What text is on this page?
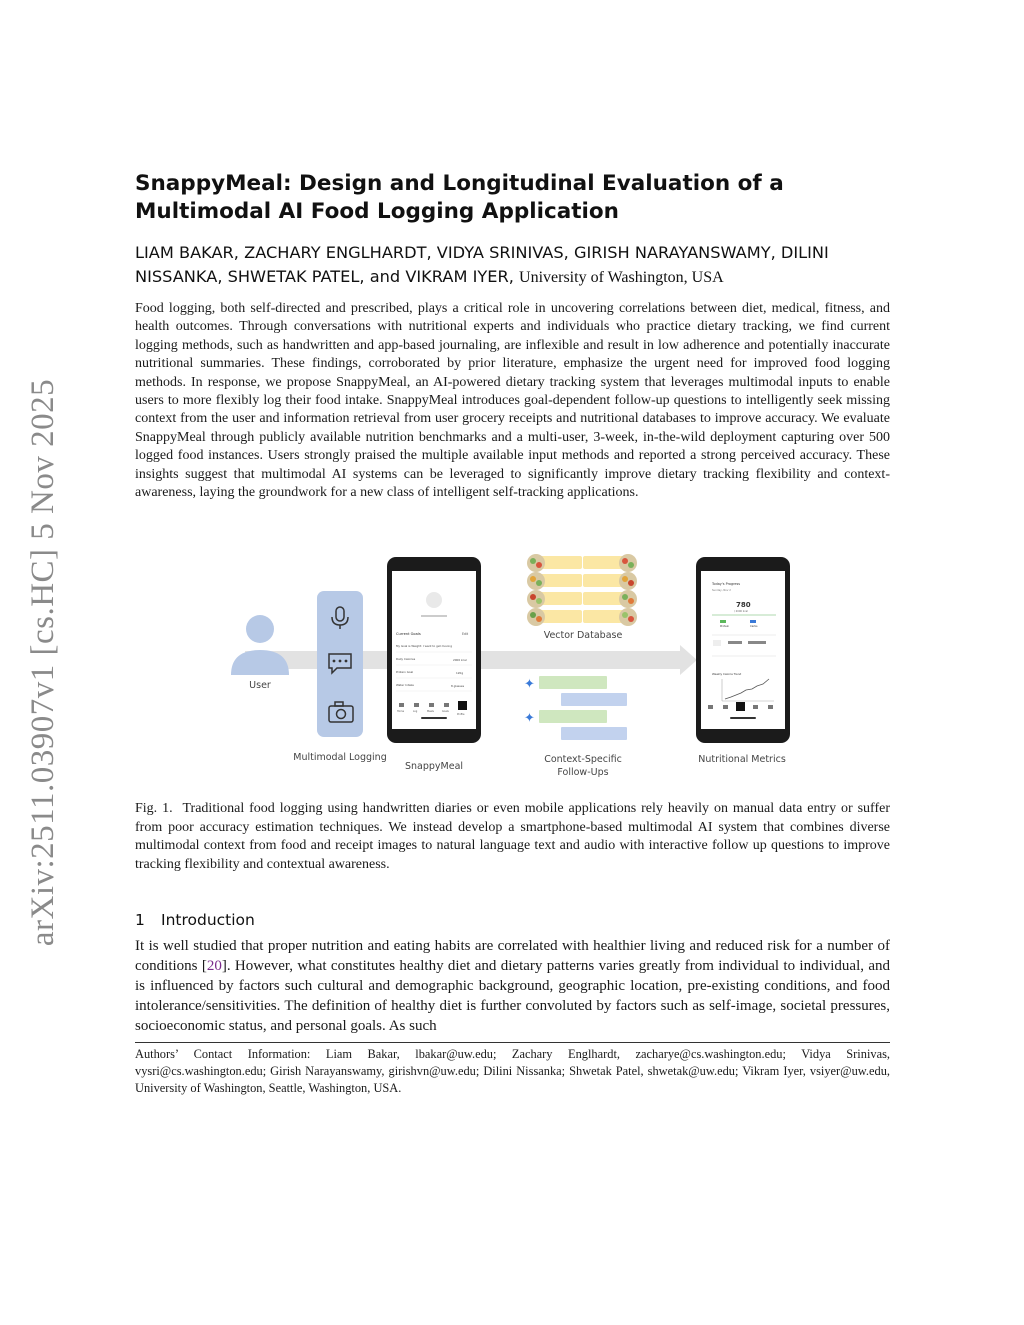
arXiv:2511.03907v1 [cs.HC] 5 Nov 2025
SnappyMeal: Design and Longitudinal Evaluation of a Multimodal AI Food Logging Application

LIAM BAKAR, ZACHARY ENGLHARDT, VIDYA SRINIVAS, GIRISH NARAYANSWAMY, DILINI NISSANKA, SHWETAK PATEL, and VIKRAM IYER, University of Washington, USA

Food logging, both self-directed and prescribed, plays a critical role in uncovering correlations between diet, medical, fitness, and health outcomes. Through conversations with nutritional experts and individuals who practice dietary tracking, we find current logging methods, such as handwritten and app-based journaling, are inflexible and result in low adherence and potentially inaccurate nutritional summaries. These findings, corroborated by prior literature, emphasize the urgent need for improved food logging methods. In response, we propose SnappyMeal, an AI-powered dietary tracking system that leverages multimodal inputs to enable users to more flexibly log their food intake. SnappyMeal introduces goal-dependent follow-up questions to intelligently seek missing context from the user and information retrieval from user grocery receipts and nutritional databases to improve accuracy. We evaluate SnappyMeal through publicly available nutrition benchmarks and a multi-user, 3-week, in-the-wild deployment capturing over 500 logged food instances. Users strongly praised the multiple available input methods and reported a strong perceived accuracy. These insights suggest that multimodal AI systems can be leveraged to significantly improve dietary tracking flexibility and context-awareness, laying the groundwork for a new class of intelligent self-tracking applications.

Current Goals	Edit
My Goal is Weight: I want to get moving
Daily Calories
Protein Goal
Water Intake
2000 kcal
120g
8 glasses
Home	Log	Meals	Goals
Profile
✦
✦
Today's Progress
Sunday, Nov 2
780
/ 2000 kcal
Protein	Carbs
Weekly Calorie Trend
User
Multimodal Logging
SnappyMeal
Vector Database
Context-Specific Follow-Ups
Nutritional Metrics

Fig. 1. Traditional food logging using handwritten diaries or even mobile applications rely heavily on manual data entry or suffer from poor accuracy estimation techniques. We instead develop a smartphone-based multimodal AI system that combines diverse multimodal context from food and receipt images to natural language text and audio with interactive follow up questions to improve tracking flexibility and contextual awareness.

1 Introduction

It is well studied that proper nutrition and eating habits are correlated with healthier living and reduced risk for a number of conditions [20]. However, what constitutes healthy diet and dietary patterns varies greatly from individual to individual, and is influenced by factors such cultural and demographic background, geographic location, pre-existing conditions, and food intolerance/sensitivities. The definition of healthy diet is further convoluted by factors such as self-image, societal pressures, socioeconomic status, and personal goals. As such

Authors’ Contact Information: Liam Bakar, lbakar@uw.edu; Zachary Englhardt, zacharye@cs.washington.edu; Vidya Srinivas, vysri@cs.washington.edu; Girish Narayanswamy, girishvn@uw.edu; Dilini Nissanka; Shwetak Patel, shwetak@uw.edu; Vikram Iyer, vsiyer@uw.edu, University of Washington, Seattle, Washington, USA.
